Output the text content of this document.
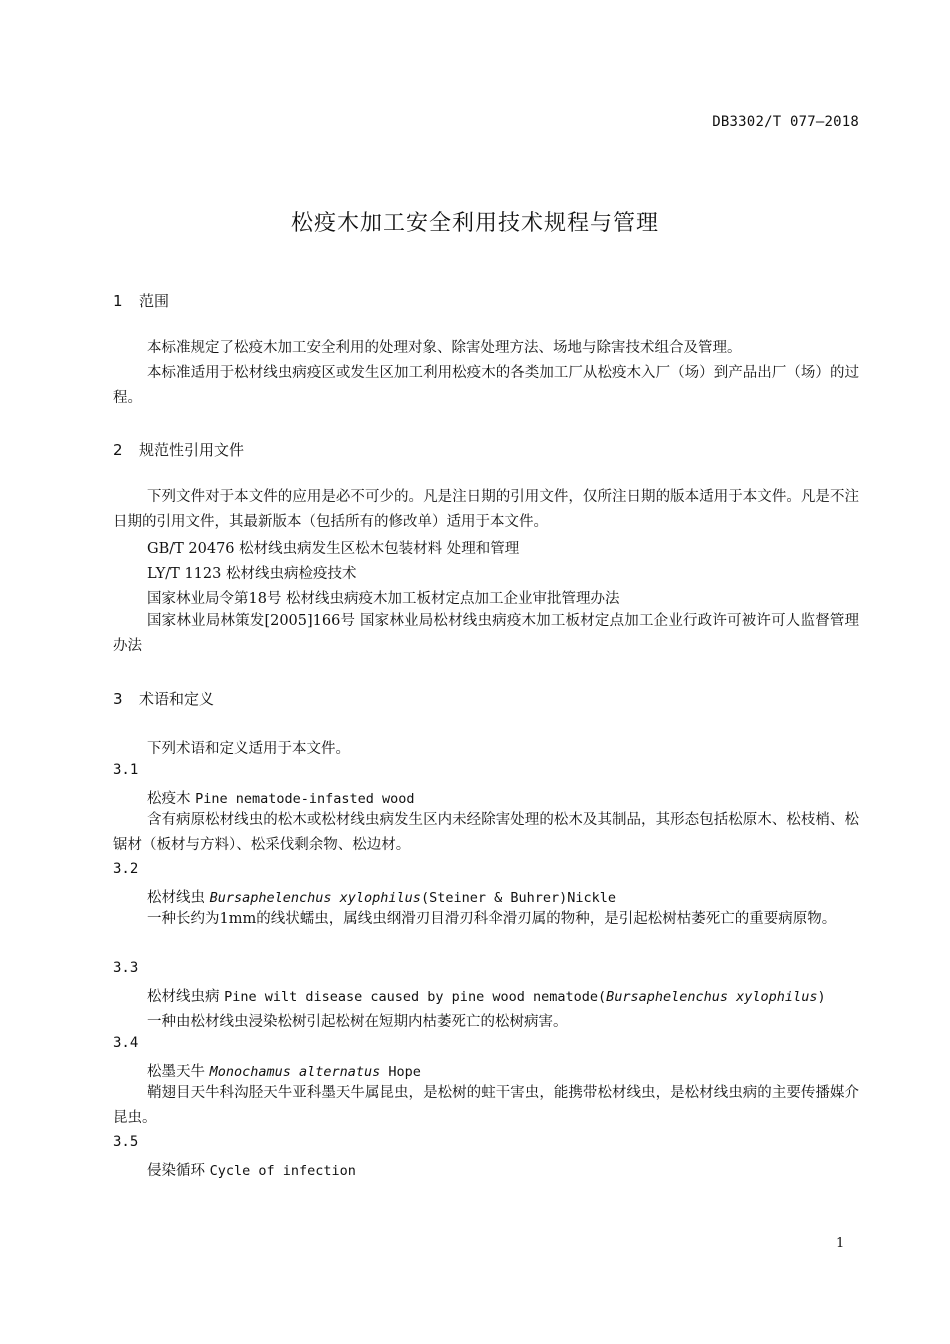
DB3302/T 077—2018
松疫木加工安全利用技术规程与管理
1 范围

本标准规定了松疫木加工安全利用的处理对象、除害处理方法、场地与除害技术组合及管理。

本标准适用于松材线虫病疫区或发生区加工利用松疫木的各类加工厂从松疫木入厂（场）到产品出厂（场）的过程。

2 规范性引用文件

下列文件对于本文件的应用是必不可少的。凡是注日期的引用文件，仅所注日期的版本适用于本文件。凡是不注日期的引用文件，其最新版本（包括所有的修改单）适用于本文件。

GB/T 20476 松材线虫病发生区松木包装材料 处理和管理
LY/T 1123 松材线虫病检疫技术
国家林业局令第18号 松材线虫病疫木加工板材定点加工企业审批管理办法

国家林业局林策发[2005]166号 国家林业局松材线虫病疫木加工板材定点加工企业行政许可被许可人监督管理办法

3 术语和定义
下列术语和定义适用于本文件。
3.1
松疫木 Pine nematode-infasted wood

含有病原松材线虫的松木或松材线虫病发生区内未经除害处理的松木及其制品，其形态包括松原木、松枝梢、松锯材（板材与方料）、松采伐剩余物、松边材。

3.2
松材线虫 Bursaphelenchus xylophilus(Steiner & Buhrer)Nickle

一种长约为1mm的线状蠕虫，属线虫纲滑刃目滑刃科伞滑刃属的物种，是引起松树枯萎死亡的重要病原物。

3.3
松材线虫病 Pine wilt disease caused by pine wood nematode(Bursaphelenchus xylophilus)
一种由松材线虫浸染松树引起松树在短期内枯萎死亡的松树病害。
3.4
松墨天牛 Monochamus alternatus Hope

鞘翅目天牛科沟胫天牛亚科墨天牛属昆虫，是松树的蛀干害虫，能携带松材线虫，是松材线虫病的主要传播媒介昆虫。

3.5
侵染循环 Cycle of infection
1
